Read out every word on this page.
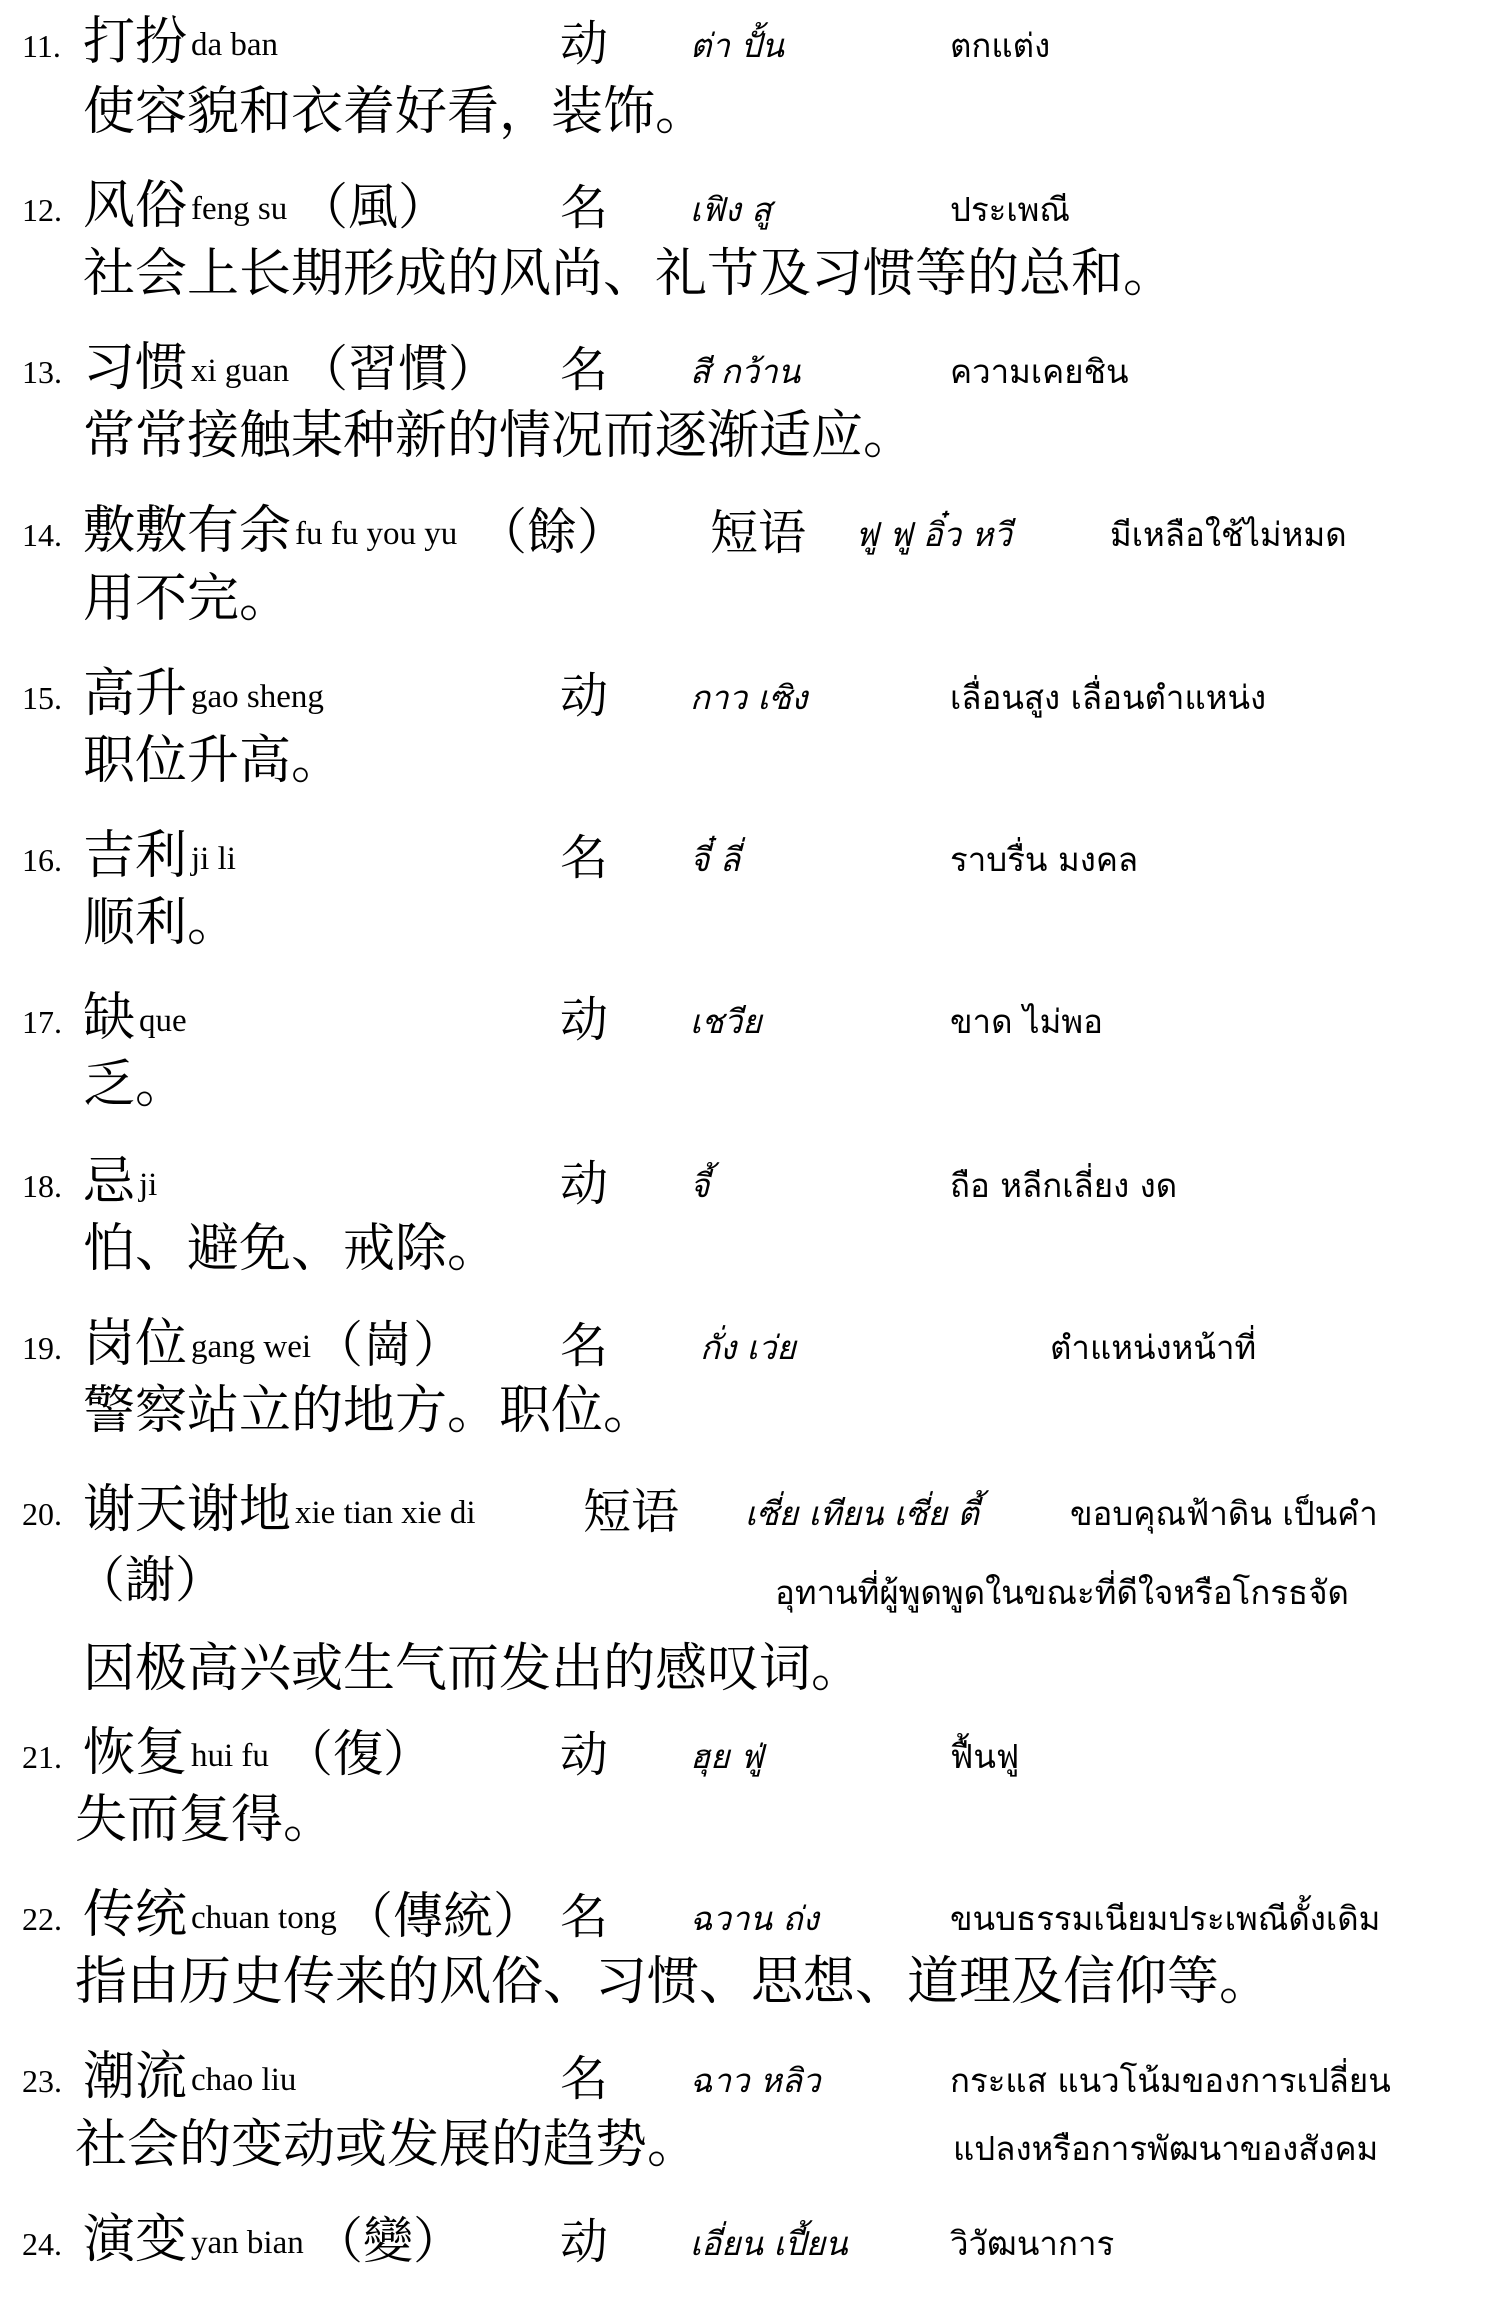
11. 打扮 da ban	动 ต่า ปั้น	ตกแต่ง
使容貌和衣着好看，装饰。
12. 风俗 feng su （風） 名 เฟิง สู	ประเพณี
社会上长期形成的风尚、礼节及习惯等的总和。
13. 习惯 xi guan （習慣） 名 สี กว้าน	ความเคยชิน
常常接触某种新的情况而逐渐适应。
14. 敷敷有余 fu fu you yu （餘） 短语 ฟู ฟู อิ๋ว หวี	มีเหลือใช้ไม่หมด
用不完。
15. 高升 gao sheng	动 กาว เซิง	เลื่อนสูง เลื่อนตำแหน่ง
职位升高。
16. 吉利 ji li	名 จี๋ ลี่	ราบรื่น มงคล
顺利。
17. 缺 que	动 เชวีย	ขาด ไม่พอ
乏。
18. 忌 ji	动 จี้	ถือ หลีกเลี่ยง งด
怕、避免、戒除。
19. 岗位 gang wei （崗） 名	กั่ง เว่ย	ตำแหน่งหน้าที่
警察站立的地方。职位。
20. 谢天谢地 xie tian xie di 短语 เซี่ย เทียน เซี่ย ตี้	ขอบคุณฟ้าดิน เป็นคำ
（謝）	อุทานที่ผู้พูดพูดในขณะที่ดีใจหรือโกรธจัด
因极高兴或生气而发出的感叹词。
21. 恢复 hui fu （復）	动 ฮุย ฟู่	ฟื้นฟู
失而复得。
22. 传统 chuan tong （傳統） 名 ฉวาน ถ่ง	ขนบธรรมเนียมประเพณีดั้งเดิม
指由历史传来的风俗、习惯、思想、道理及信仰等。
23. 潮流 chao liu	名 ฉาว หลิว	กระแส แนวโน้มของการเปลี่ยน
社会的变动或发展的趋势。	แปลงหรือการพัฒนาของสังคม
24. 演变 yan bian （變） 动 เอี่ยน เปี้ยน	วิวัฒนาการ
